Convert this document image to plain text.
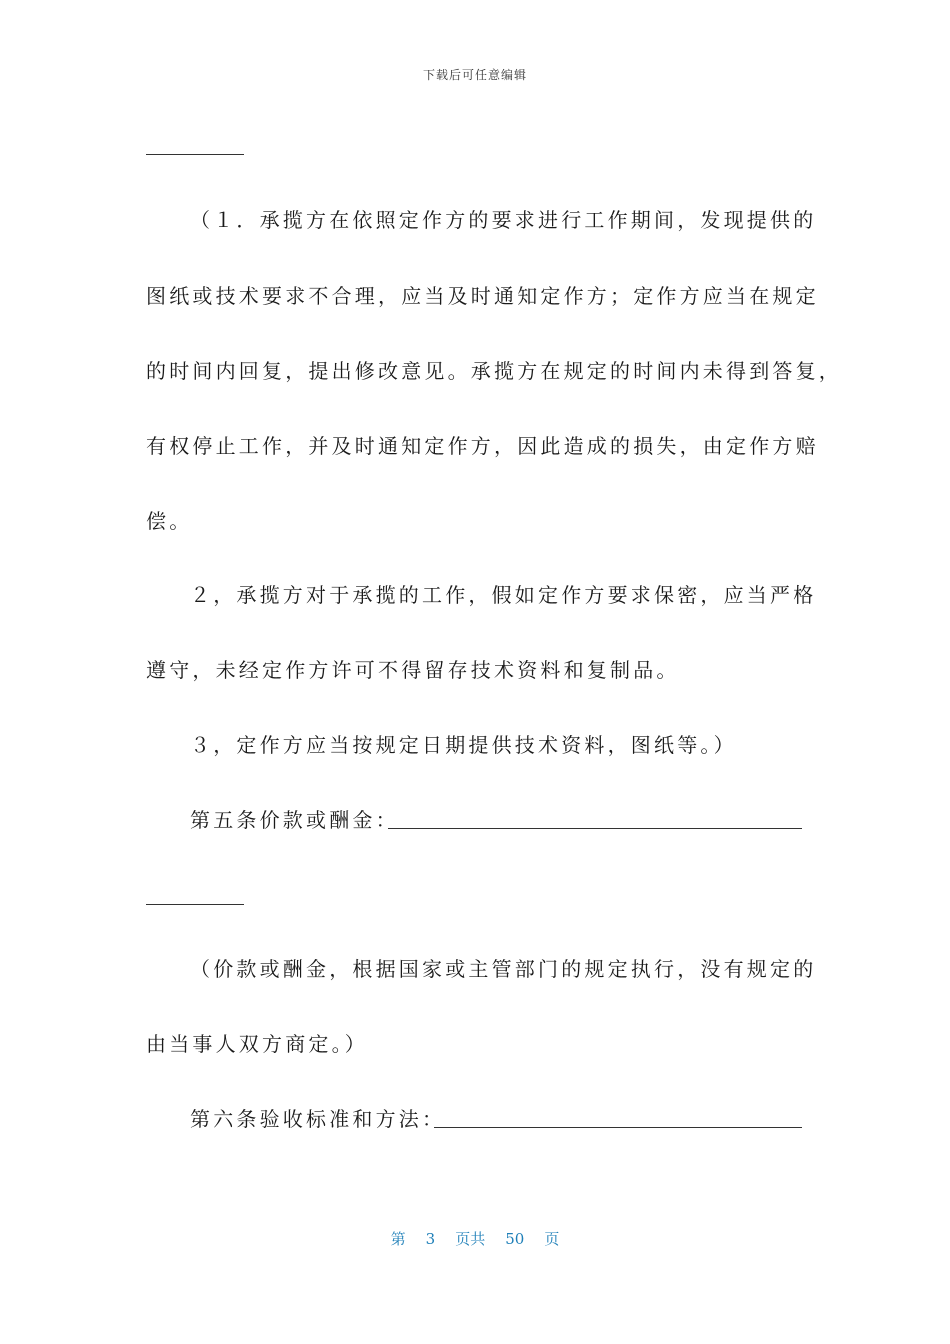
下载后可任意编辑
（１．承揽方在依照定作方的要求进行工作期间，发现提供的
图纸或技术要求不合理，应当及时通知定作方；定作方应当在规定
的时间内回复，提出修改意见。承揽方在规定的时间内未得到答复，
有权停止工作，并及时通知定作方，因此造成的损失，由定作方赔
偿。
２，承揽方对于承揽的工作，假如定作方要求保密，应当严格
遵守，未经定作方许可不得留存技术资料和复制品。
３，定作方应当按规定日期提供技术资料，图纸等。）
第五条价款或酬金：
（价款或酬金，根据国家或主管部门的规定执行，没有规定的
由当事人双方商定。）
第六条验收标准和方法：
第 3 页共 50 页
